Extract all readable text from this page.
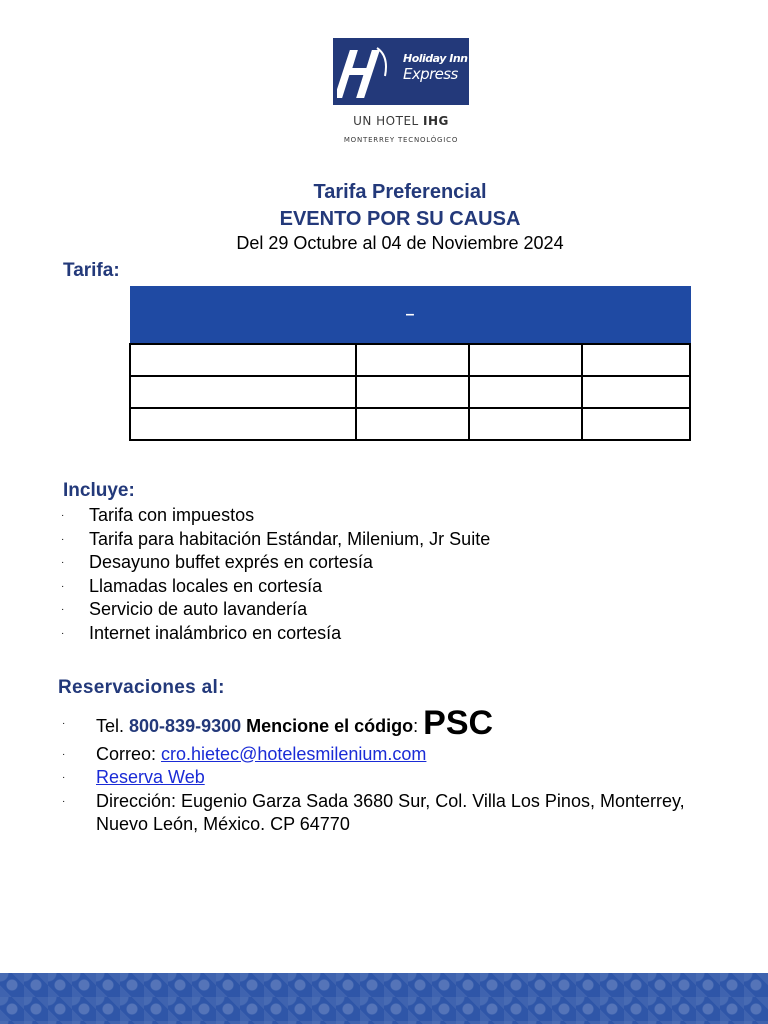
Holiday Inn
Express
UN HOTEL IHG
MONTERREY TECNOLÓGICO
Tarifa Preferencial
EVENTO POR SU CAUSA
Del 29 Octubre al 04 de Noviembre 2024
Tarifa:
–			

Incluye:
· Tarifa con impuestos
· Tarifa para habitación Estándar, Milenium, Jr Suite
· Desayuno buffet exprés en cortesía
· Llamadas locales en cortesía
· Servicio de auto lavandería
· Internet inalámbrico en cortesía
Reservaciones al:
· Tel. 800-839-9300 Mencione el código: PSC
· Correo: cro.hietec@hotelesmilenium.com
· Reserva Web
· Dirección: Eugenio Garza Sada 3680 Sur, Col. Villa Los Pinos, Monterrey,
Nuevo León, México. CP 64770
